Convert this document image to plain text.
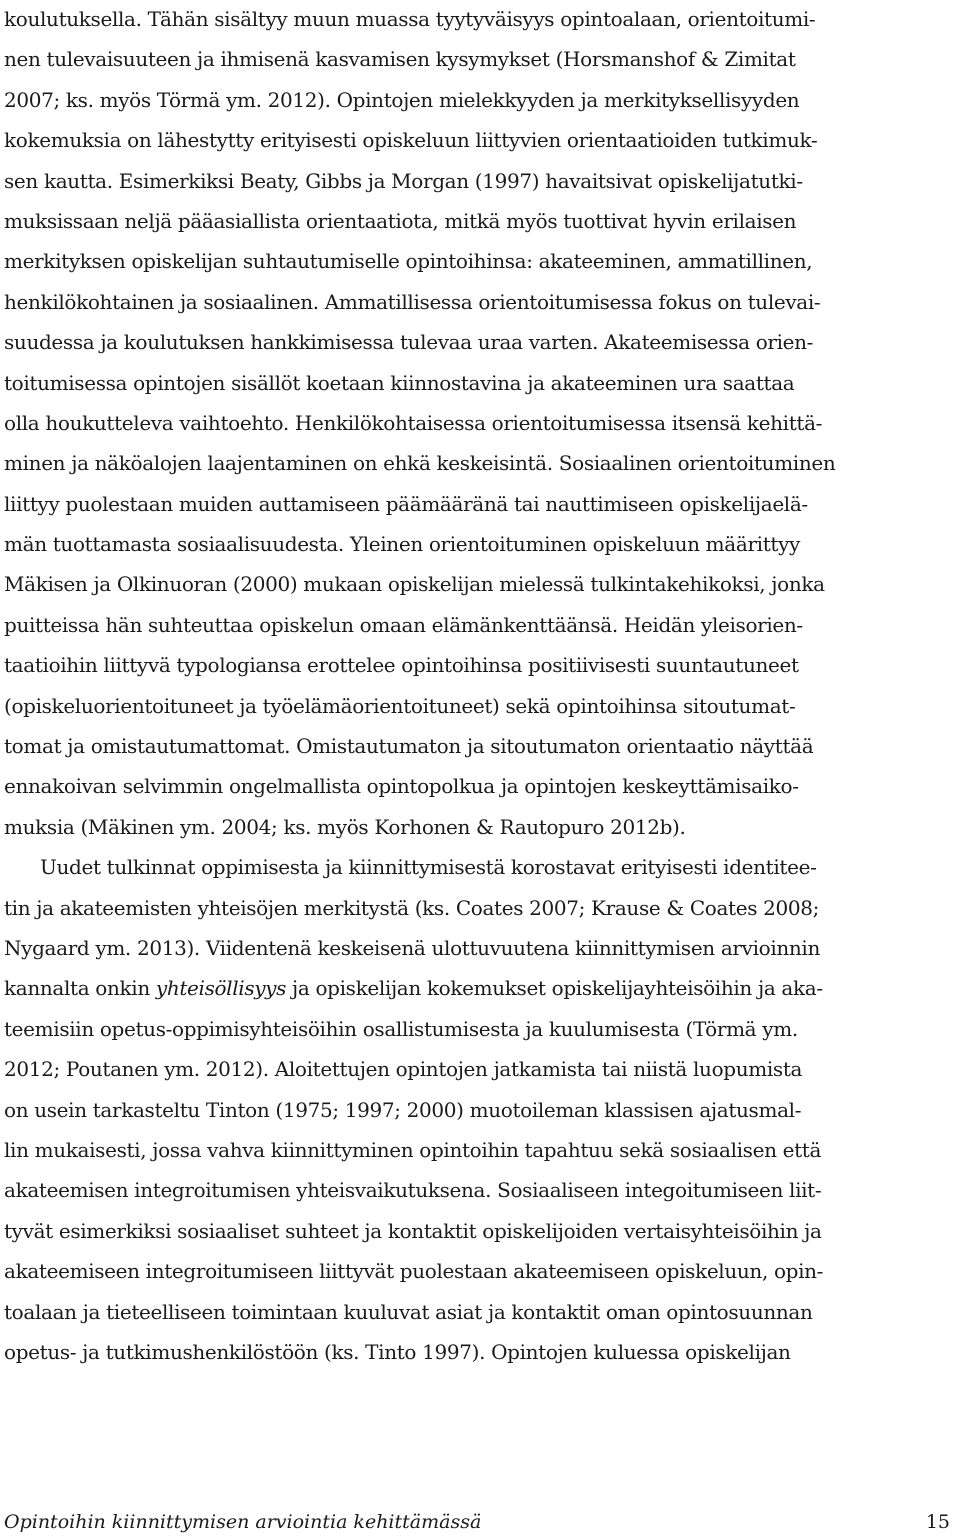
koulutuksella. Tähän sisältyy muun muassa tyytyväisyys opintoalaan, orientoitumi-
nen tulevaisuuteen ja ihmisenä kasvamisen kysymykset (Horsmanshof & Zimitat
2007; ks. myös Törmä ym. 2012). Opintojen mielekkyyden ja merkityksellisyyden
kokemuksia on lähestytty erityisesti opiskeluun liittyvien orientaatioiden tutkimuk-
sen kautta. Esimerkiksi Beaty, Gibbs ja Morgan (1997) havaitsivat opiskelijatutki-
muksissaan neljä pääasiallista orientaatiota, mitkä myös tuottivat hyvin erilaisen
merkityksen opiskelijan suhtautumiselle opintoihinsa: akateeminen, ammatillinen,
henkilökohtainen ja sosiaalinen. Ammatillisessa orientoitumisessa fokus on tulevai-
suudessa ja koulutuksen hankkimisessa tulevaa uraa varten. Akateemisessa orien-
toitumisessa opintojen sisällöt koetaan kiinnostavina ja akateeminen ura saattaa
olla houkutteleva vaihtoehto. Henkilökohtaisessa orientoitumisessa itsensä kehittä-
minen ja näköalojen laajentaminen on ehkä keskeisintä. Sosiaalinen orientoituminen
liittyy puolestaan muiden auttamiseen päämääränä tai nauttimiseen opiskelijaelä-
män tuottamasta sosiaalisuudesta. Yleinen orientoituminen opiskeluun määrittyy
Mäkisen ja Olkinuoran (2000) mukaan opiskelijan mielessä tulkintakehikoksi, jonka
puitteissa hän suhteuttaa opiskelun omaan elämänkenttäänsä. Heidän yleisorien-
taatioihin liittyvä typologiansa erottelee opintoihinsa positiivisesti suuntautuneet
(opiskeluorientoituneet ja työelämäorientoituneet) sekä opintoihinsa sitoutumat-
tomat ja omistautumattomat. Omistautumaton ja sitoutumaton orientaatio näyttää
ennakoivan selvimmin ongelmallista opintopolkua ja opintojen keskeyttämisaiko-
muksia (Mäkinen ym. 2004; ks. myös Korhonen & Rautopuro 2012b).
Uudet tulkinnat oppimisesta ja kiinnittymisestä korostavat erityisesti identiteе-
tin ja akateemisten yhteisöjen merkitystä (ks. Coates 2007; Krause & Coates 2008;
Nygaard ym. 2013). Viidentenä keskeisenä ulottuvuutena kiinnittymisen arvioinnin
kannalta onkin yhteisöllisyys ja opiskelijan kokemukset opiskelijayhteisöihin ja aka-
teemisiin opetus-oppimisyhteisöihin osallistumisesta ja kuulumisesta (Törmä ym.
2012; Poutanen ym. 2012). Aloitettujen opintojen jatkamista tai niistä luopumista
on usein tarkasteltu Tinton (1975; 1997; 2000) muotoileman klassisen ajatusmal-
lin mukaisesti, jossa vahva kiinnittyminen opintoihin tapahtuu sekä sosiaalisen että
akateemisen integroitumisen yhteisvaikutuksena. Sosiaaliseen integoitumiseen liit-
tyvät esimerkiksi sosiaaliset suhteet ja kontaktit opiskelijoiden vertaisyhteisöihin ja
akateemiseen integroitumiseen liittyvät puolestaan akateemiseen opiskeluun, opin-
toalaan ja tieteelliseen toimintaan kuuluvat asiat ja kontaktit oman opintosuunnan
opetus- ja tutkimushenkilöstöön (ks. Tinto 1997). Opintojen kuluessa opiskelijan
Opintoihin kiinnittymisen arviointia kehittämässä	15
